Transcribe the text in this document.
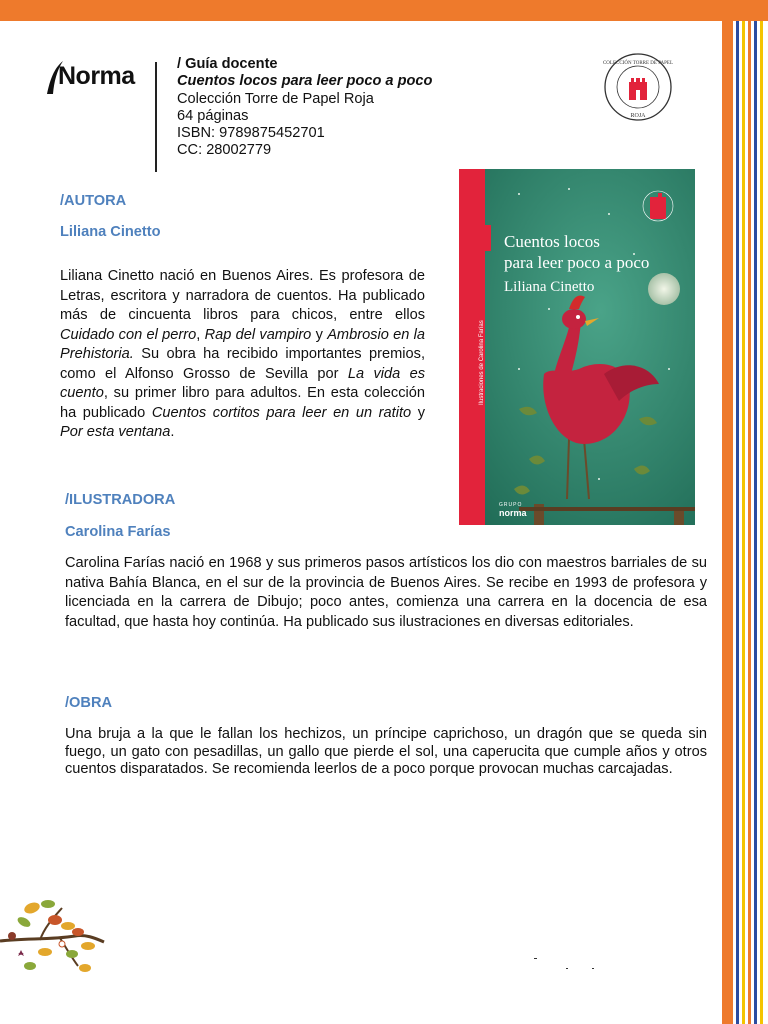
Norma	/ Guía docente
Cuentos locos para leer poco a poco
Colección Torre de Papel Roja
64 páginas
ISBN: 9789875452701
CC: 28002779
COLECCIÓN TORRE DE PAPEL
ROJA
Cuentos locos
para leer poco a poco
Liliana Cinetto
Ilustraciones de Carolina Farías
GRUPO
norma
/AUTORA
Liliana Cinetto

Liliana Cinetto nació en Buenos Aires. Es profesora de Letras, escritora y narradora de cuentos. Ha publicado más de cincuenta libros para chicos, entre ellos Cuidado con el perro, Rap del vampiro y Ambrosio en la Prehistoria. Su obra ha recibido importantes premios, como el Alfonso Grosso de Sevilla por La vida es cuento, su primer libro para adultos. En esta colección ha publicado Cuentos cortitos para leer en un ratito y Por esta ventana.

/ILUSTRADORA
Carolina Farías

Carolina Farías nació en 1968 y sus primeros pasos artísticos los dio con maestros barriales de su nativa Bahía Blanca, en el sur de la provincia de Buenos Aires. Se recibe en 1993 de profesora y licenciada en la carrera de Dibujo; poco antes, comienza una carrera en la docencia de esa facultad, que hasta hoy continúa. Ha publicado sus ilustraciones en diversas editoriales.

/OBRA

Una bruja a la que le fallan los hechizos, un príncipe caprichoso, un dragón que se queda sin fuego, un gato con pesadillas, un gallo que pierde el sol, una caperucita que cumple años y otros cuentos disparatados. Se recomienda leerlos de a poco porque provocan muchas carcajadas.
